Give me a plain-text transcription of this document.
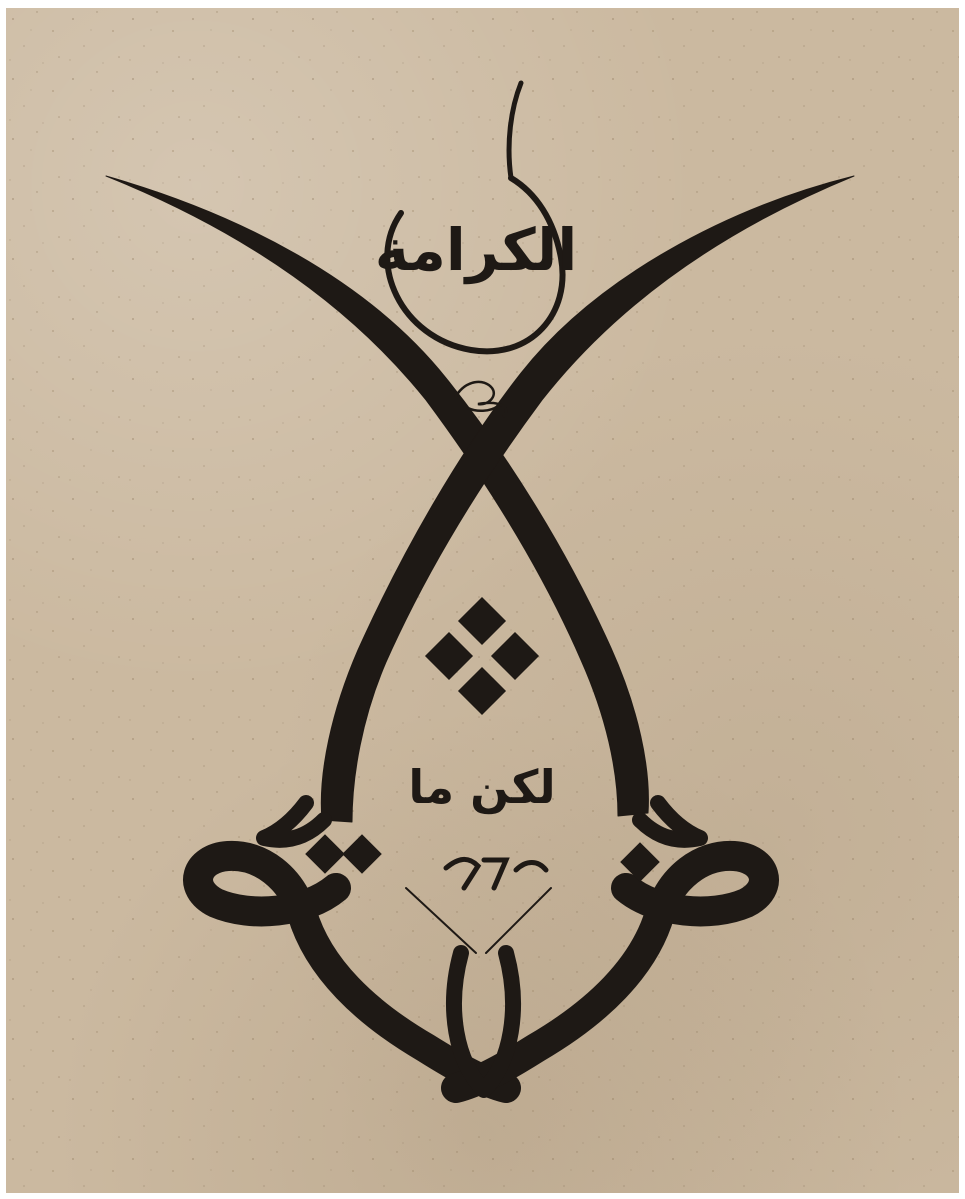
الكرامة
لكن ما
